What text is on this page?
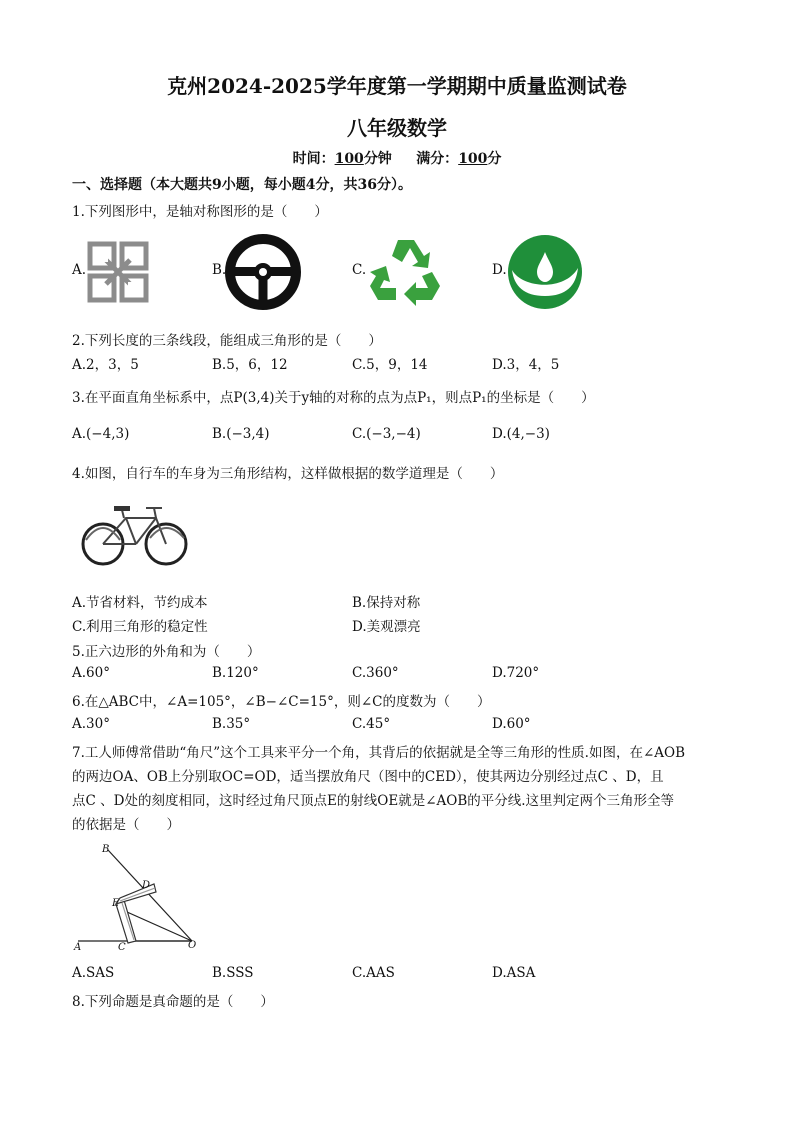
克州2024-2025学年度第一学期期中质量监测试卷
八年级数学
时间：100分钟 满分：100分
一、选择题（本大题共9小题，每小题4分，共36分）。
1.下列图形中，是轴对称图形的是（　　）
A.	B.	C.	D.
2.下列长度的三条线段，能组成三角形的是（　　）
A.2，3，5	B.5，6，12	C.5，9，14	D.3，4，5
3.在平面直角坐标系中，点P(3,4)关于y轴的对称的点为点P₁，则点P₁的坐标是（　　）
A.(−4,3)	B.(−3,4)	C.(−3,−4)	D.(4,−3)
4.如图，自行车的车身为三角形结构，这样做根据的数学道理是（　　）
A.节省材料，节约成本	B.保持对称
C.利用三角形的稳定性	D.美观漂亮
5.正六边形的外角和为（　　）
A.60°	B.120°	C.360°	D.720°
6.在△ABC中，∠A=105°，∠B−∠C=15°，则∠C的度数为（　　）
A.30°	B.35°	C.45°	D.60°
7.工人师傅常借助“角尺”这个工具来平分一个角，其背后的依据就是全等三角形的性质.如图，在∠AOB
的两边OA、OB上分别取OC=OD，适当摆放角尺（图中的CED），使其两边分别经过点C 、D，且
点C 、D处的刻度相同，这时经过角尺顶点E的射线OE就是∠AOB的平分线.这里判定两个三角形全等
的依据是（　　）
B
D
E
A	C	O
A.SAS	B.SSS	C.AAS	D.ASA
8.下列命题是真命题的是（　　）
